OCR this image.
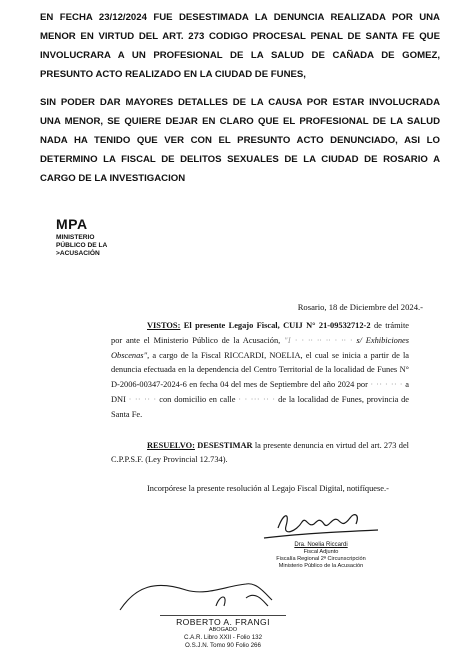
EN FECHA 23/12/2024 FUE DESESTIMADA LA DENUNCIA REALIZADA POR UNA MENOR EN VIRTUD DEL ART. 273 CODIGO PROCESAL PENAL DE SANTA FE QUE INVOLUCRARA A UN PROFESIONAL DE LA SALUD DE CAÑADA DE GOMEZ, PRESUNTO ACTO REALIZADO EN LA CIUDAD DE FUNES,

SIN PODER DAR MAYORES DETALLES DE LA CAUSA POR ESTAR INVOLUCRADA UNA MENOR, SE QUIERE DEJAR EN CLARO QUE EL PROFESIONAL DE LA SALUD NADA HA TENIDO QUE VER CON EL PRESUNTO ACTO DENUNCIADO, ASI LO DETERMINO LA FISCAL DE DELITOS SEXUALES DE LA CIUDAD DE ROSARIO A CARGO DE LA INVESTIGACION

MPA
MINISTERIO
PÚBLICO DE LA
>ACUSACIÓN
Rosario, 18 de Diciembre del 2024.-

VISTOS: El presente Legajo Fiscal, CUIJ N° 21-09532712-2 de trámite por ante el Ministerio Público de la Acusación, "I · · ·· ·· ·· · ·· · s/ Exhibiciones Obscenas", a cargo de la Fiscal RICCARDI, NOELIA, el cual se inicia a partir de la denuncia efectuada en la dependencia del Centro Territorial de la localidad de Funes N° D-2006-00347-2024-6 en fecha 04 del mes de Septiembre del año 2024 por · ·· · ·· · a DNI · ·· ·· · con domicilio en calle · · ··· ·· · de la localidad de Funes, provincia de Santa Fe.

RESUELVO: DESESTIMAR la presente denuncia en virtud del art. 273 del C.P.P.S.F. (Ley Provincial 12.734).

Incorpórese la presente resolución al Legajo Fiscal Digital, notifíquese.-

Dra. Noelia Riccardi
Fiscal Adjunto
Fiscalía Regional 2ª Circunscripción
Ministerio Público de la Acusación
ROBERTO A. FRANGI
ABOGADO
C.A.R. Libro XXII - Folio 132
O.S.J.N. Tomo 90 Folio 266
